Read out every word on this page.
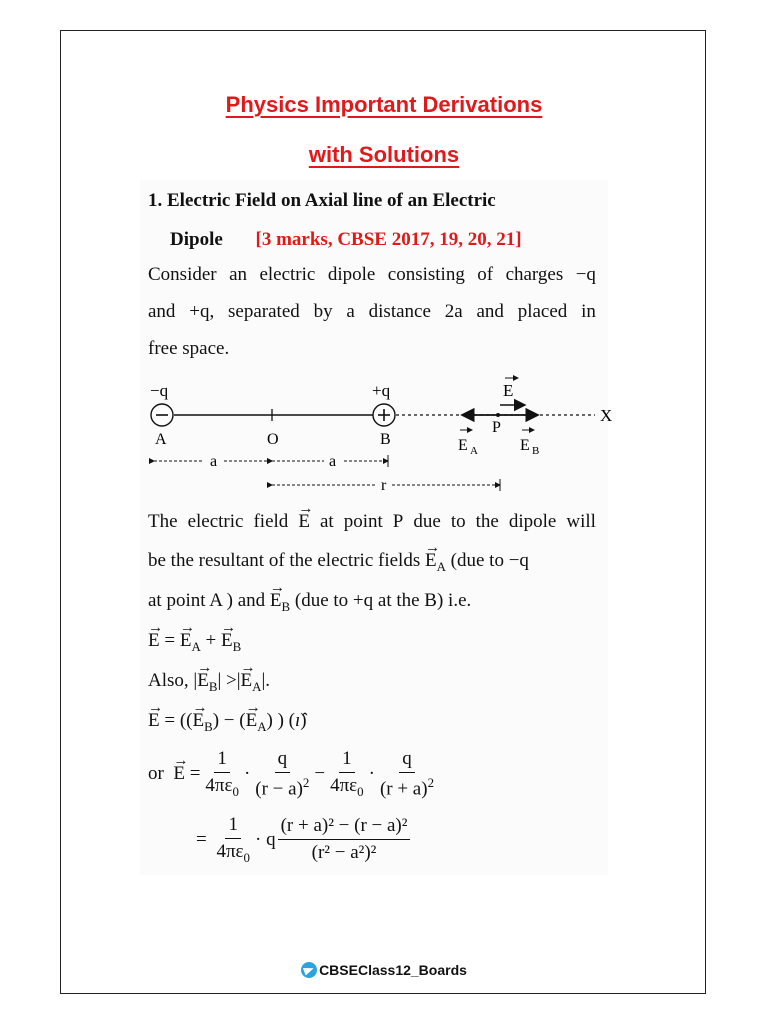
Physics Important Derivations
with Solutions
1. Electric Field on Axial line of an Electric
Dipole [3 marks, CBSE 2017, 19, 20, 21]
Consider an electric dipole consisting of charges −q
and +q, separated by a distance 2a and placed in
free space.
−q	+q
A	O	B
P
X
E
E A	E B
a	a
r
The electric field → E at point P due to the dipole will
be the resultant of the electric fields → $E_A$ (due to −q
at point A ) and → $E_B$ (due to +q at the B) i.e.
→ E = → $E_A$ + → $E_B$
Also, |→ $E_B|$ >|→ $E_A|$.
→ E = ((→ $E_B$) − (→ $E_A$) ) (ı̂)
or
→ $E = \frac{1}{4\pi\varepsilon_0} \cdot \frac{q}{(r - a)^2} - \frac{1}{4\pi\varepsilon_0} \cdot \frac{q}{(r + a)^2}$
= $\frac{1}{4\pi\varepsilon_0} \cdot q \frac{\text{(r + a)² − (r − a)²}}{\text{(r² − a²)²}}$
CBSEClass12_Boards
